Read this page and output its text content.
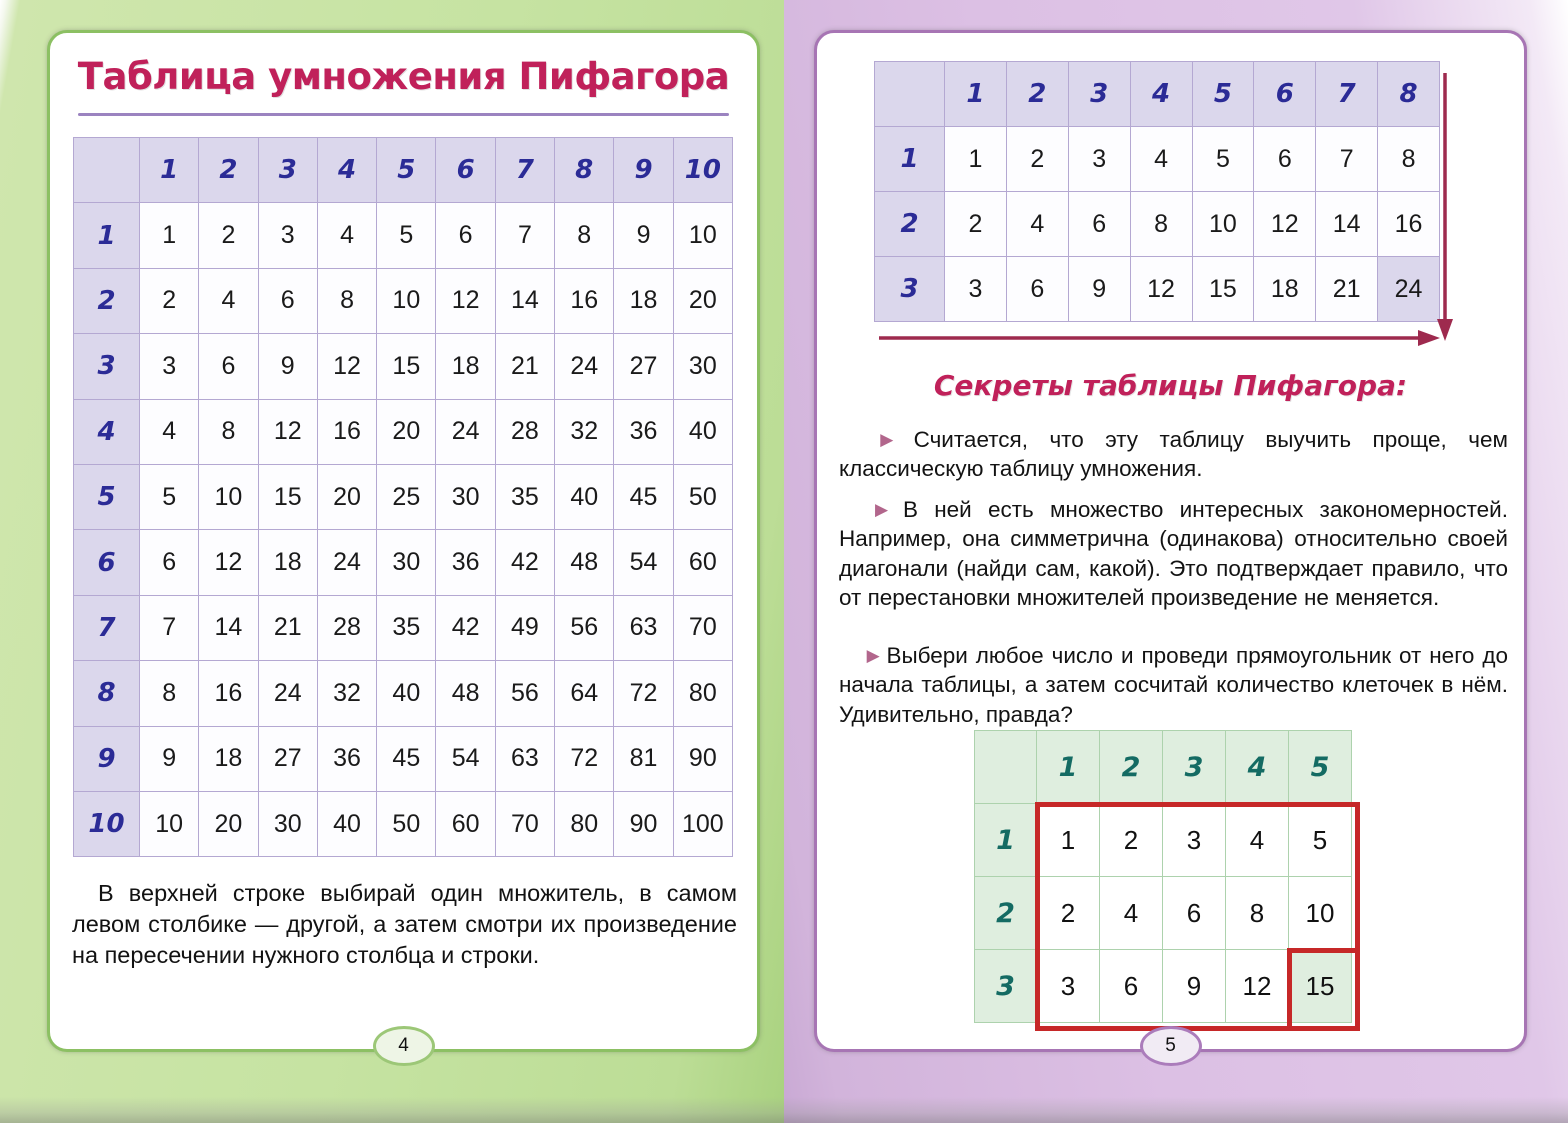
Таблица умножения Пифагора
	1	2	3	4	5	6	7	8	9	10
1	1	2	3	4	5	6	7	8	9	10
2	2	4	6	8	10	12	14	16	18	20
3	3	6	9	12	15	18	21	24	27	30
4	4	8	12	16	20	24	28	32	36	40
5	5	10	15	20	25	30	35	40	45	50
6	6	12	18	24	30	36	42	48	54	60
7	7	14	21	28	35	42	49	56	63	70
8	8	16	24	32	40	48	56	64	72	80
9	9	18	27	36	45	54	63	72	81	90
10	10	20	30	40	50	60	70	80	90	100
В верхней строке выбирай один множитель, в самом левом столбике — другой, а затем смотри их произведение на пересечении нужного столбца и строки.
4
	1	2	3	4	5	6	7	8
1	1	2	3	4	5	6	7	8
2	2	4	6	8	10	12	14	16
3	3	6	9	12	15	18	21	24
Секреты таблицы Пифагора:
▶ Считается, что эту таблицу выучить проще, чем классическую таблицу умножения.
▶ В ней есть множество интересных закономерностей. Например, она симметрична (одинакова) относительно своей диагонали (найди сам, какой). Это подтверждает правило, что от перестановки множителей произведение не меняется.
▶ Выбери любое число и проведи прямоугольник от него до начала таблицы, а затем сосчитай количество клеточек в нём. Удивительно, правда?
5
	1	2	3	4	5
1	1	2	3	4	5
2	2	4	6	8	10
3	3	6	9	12	15
